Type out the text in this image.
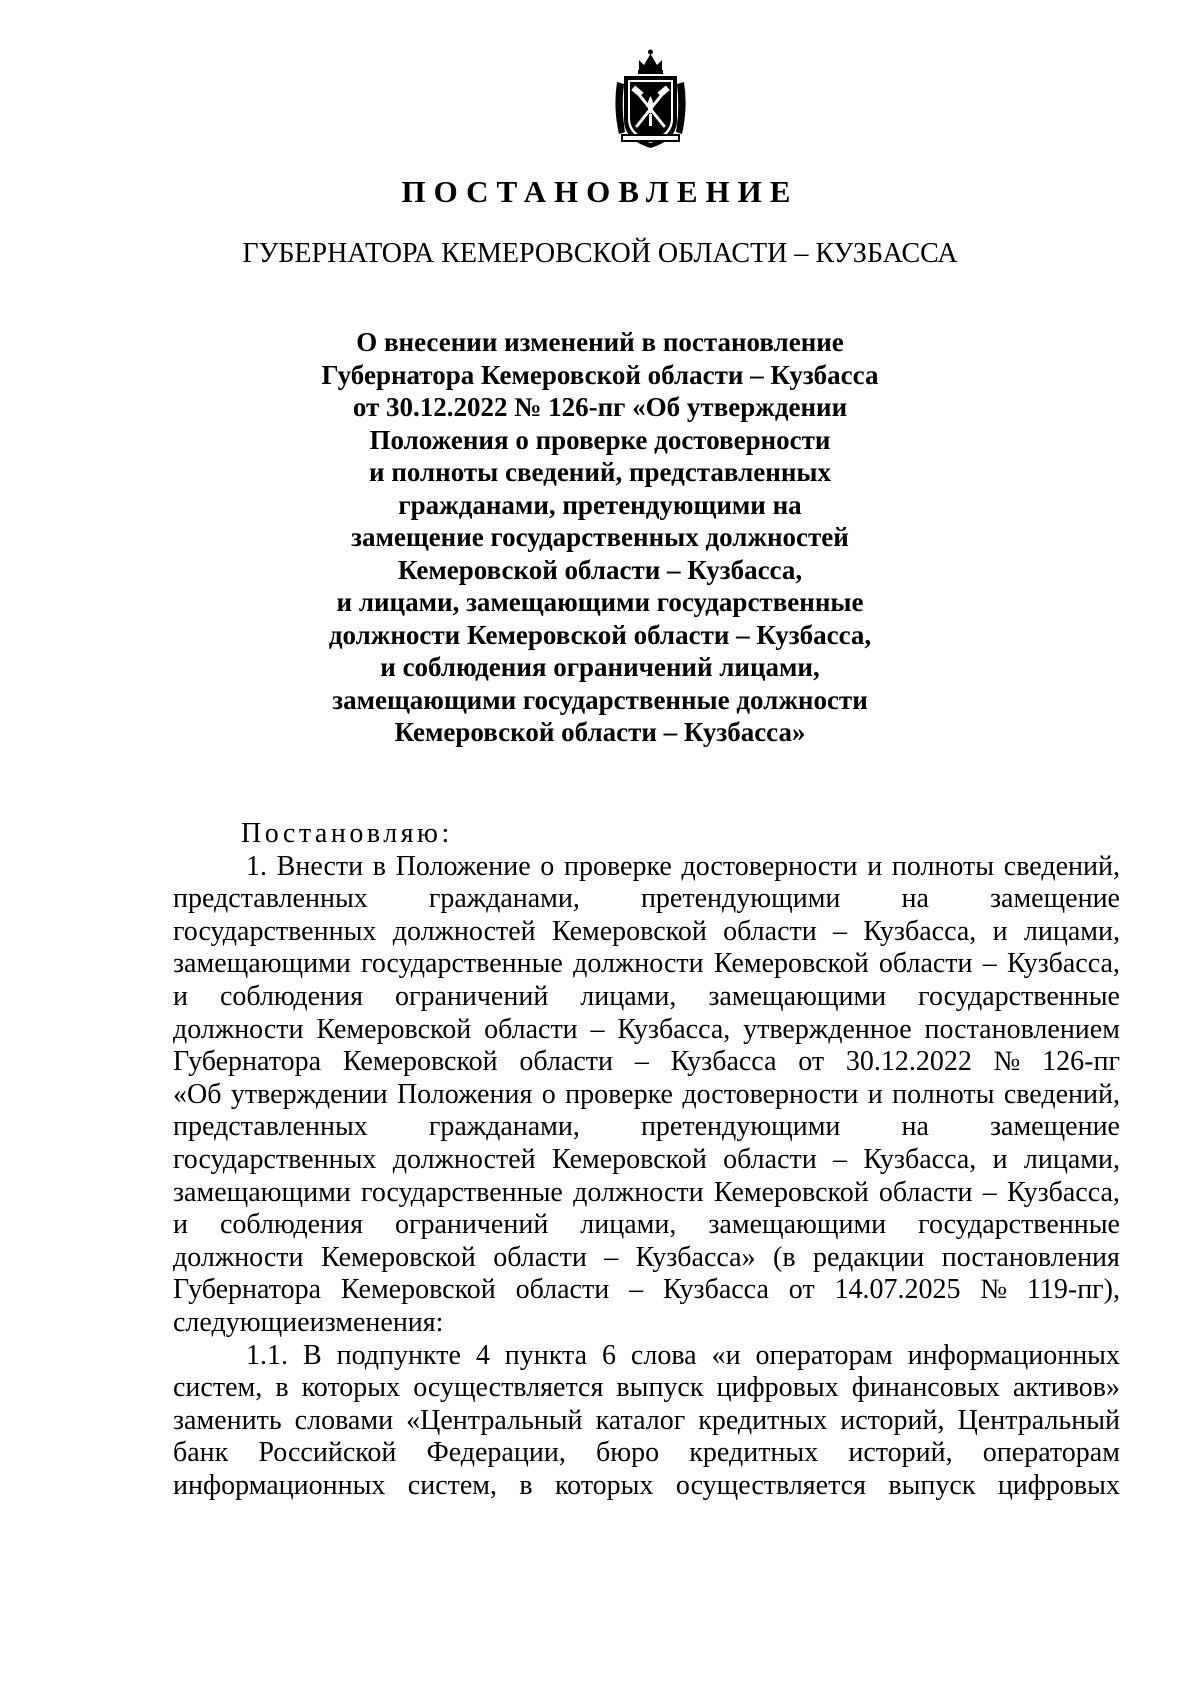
ПОСТАНОВЛЕНИЕ
ГУБЕРНАТОРА КЕМЕРОВСКОЙ ОБЛАСТИ – КУЗБАССА
О внесении изменений в постановление
Губернатора Кемеровской области – Кузбасса
от 30.12.2022 № 126-пг «Об утверждении
Положения о проверке достоверности
и полноты сведений, представленных
гражданами, претендующими на
замещение государственных должностей
Кемеровской области – Кузбасса,
и лицами, замещающими государственные
должности Кемеровской области – Кузбасса,
и соблюдения ограничений лицами,
замещающими государственные должности
Кемеровской области – Кузбасса»
Постановляю:
1. Внести в Положение о проверке достоверности и полноты сведений,
представленных гражданами, претендующими на замещение
государственных должностей Кемеровской области – Кузбасса, и лицами,
замещающими государственные должности Кемеровской области – Кузбасса,
и соблюдения ограничений лицами, замещающими государственные
должности Кемеровской области – Кузбасса, утвержденное постановлением
Губернатора Кемеровской области – Кузбасса от 30.12.2022 № 126-пг
«Об утверждении Положения о проверке достоверности и полноты сведений,
представленных гражданами, претендующими на замещение
государственных должностей Кемеровской области – Кузбасса, и лицами,
замещающими государственные должности Кемеровской области – Кузбасса,
и соблюдения ограничений лицами, замещающими государственные
должности Кемеровской области – Кузбасса» (в редакции постановления
Губернатора Кемеровской области – Кузбасса от 14.07.2025 № 119-пг),
следующие изменения:
1.1. В подпункте 4 пункта 6 слова «и операторам информационных
систем, в которых осуществляется выпуск цифровых финансовых активов»
заменить словами «Центральный каталог кредитных историй, Центральный
банк Российской Федерации, бюро кредитных историй, операторам
информационных систем, в которых осуществляется выпуск цифровых
